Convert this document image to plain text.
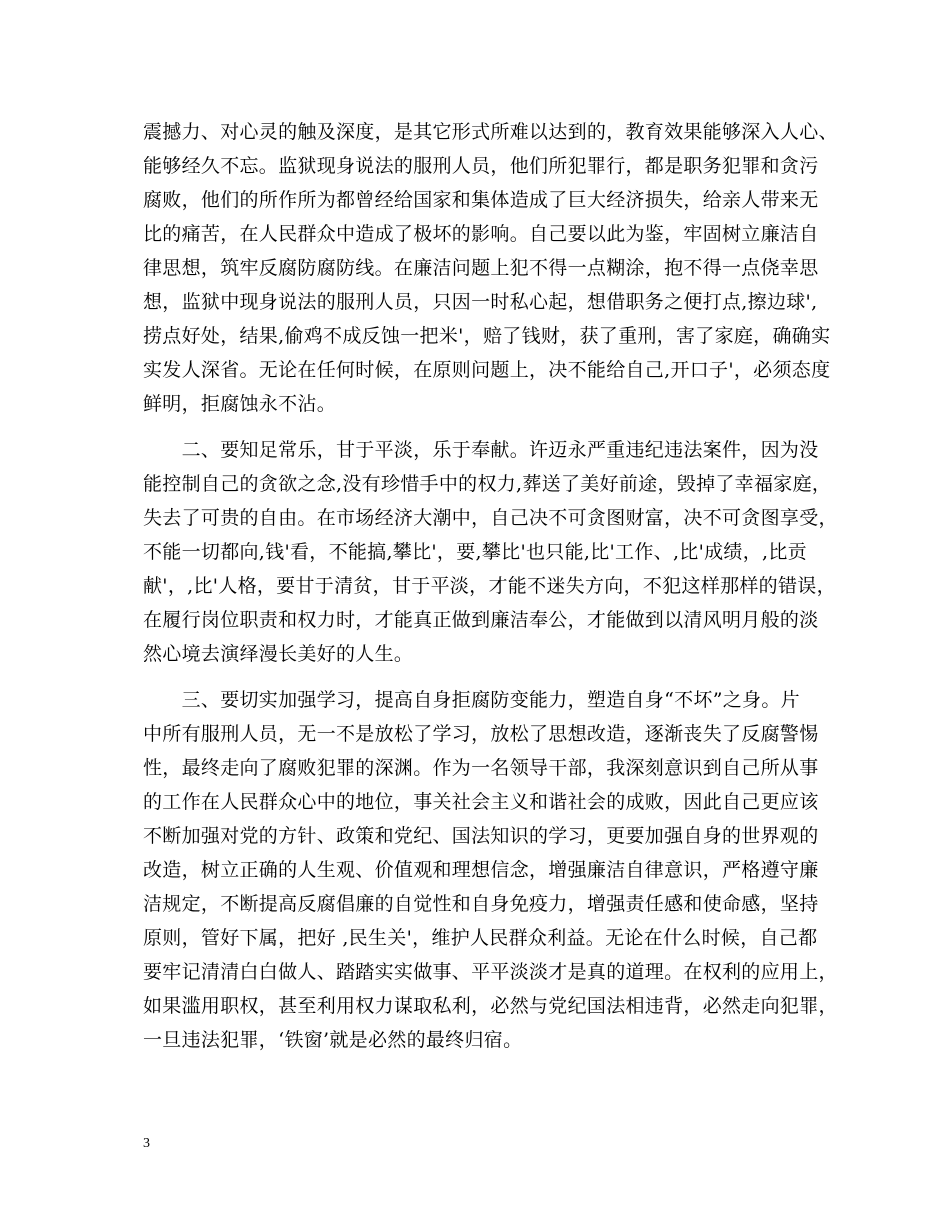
震撼力、对心灵的触及深度，是其它形式所难以达到的，教育效果能够深入人心、
能够经久不忘。监狱现身说法的服刑人员，他们所犯罪行，都是职务犯罪和贪污
腐败，他们的所作所为都曾经给国家和集体造成了巨大经济损失，给亲人带来无
比的痛苦，在人民群众中造成了极坏的影响。自己要以此为鉴，牢固树立廉洁自
律思想，筑牢反腐防腐防线。在廉洁问题上犯不得一点糊涂，抱不得一点侥幸思
想，监狱中现身说法的服刑人员，只因一时私心起，想借职务之便打点,擦边球',
捞点好处，结果,偷鸡不成反蚀一把米'，赔了钱财，获了重刑，害了家庭，确确实
实发人深省。无论在任何时候，在原则问题上，决不能给自己,开口子'，必须态度
鲜明，拒腐蚀永不沾。
　　二、要知足常乐，甘于平淡，乐于奉献。许迈永严重违纪违法案件，因为没
能控制自己的贪欲之念,没有珍惜手中的权力,葬送了美好前途，毁掉了幸福家庭，
失去了可贵的自由。在市场经济大潮中，自己决不可贪图财富，决不可贪图享受，
不能一切都向,钱'看，不能搞,攀比'，要,攀比'也只能,比'工作、,比'成绩，,比贡
献'，,比'人格，要甘于清贫，甘于平淡，才能不迷失方向，不犯这样那样的错误，
在履行岗位职责和权力时，才能真正做到廉洁奉公，才能做到以清风明月般的淡
然心境去演绎漫长美好的人生。
　　三、要切实加强学习，提高自身拒腐防变能力，塑造自身“不坏”之身。片
中所有服刑人员，无一不是放松了学习，放松了思想改造，逐渐丧失了反腐警惕
性，最终走向了腐败犯罪的深渊。作为一名领导干部，我深刻意识到自己所从事
的工作在人民群众心中的地位，事关社会主义和谐社会的成败，因此自己更应该
不断加强对党的方针、政策和党纪、国法知识的学习，更要加强自身的世界观的
改造，树立正确的人生观、价值观和理想信念，增强廉洁自律意识，严格遵守廉
洁规定，不断提高反腐倡廉的自觉性和自身免疫力，增强责任感和使命感，坚持
原则，管好下属，把好 ,民生关'，维护人民群众利益。无论在什么时候，自己都
要牢记清清白白做人、踏踏实实做事、平平淡淡才是真的道理。在权利的应用上，
如果滥用职权，甚至利用权力谋取私利，必然与党纪国法相违背，必然走向犯罪，
一旦违法犯罪，‘铁窗’就是必然的最终归宿。
3
